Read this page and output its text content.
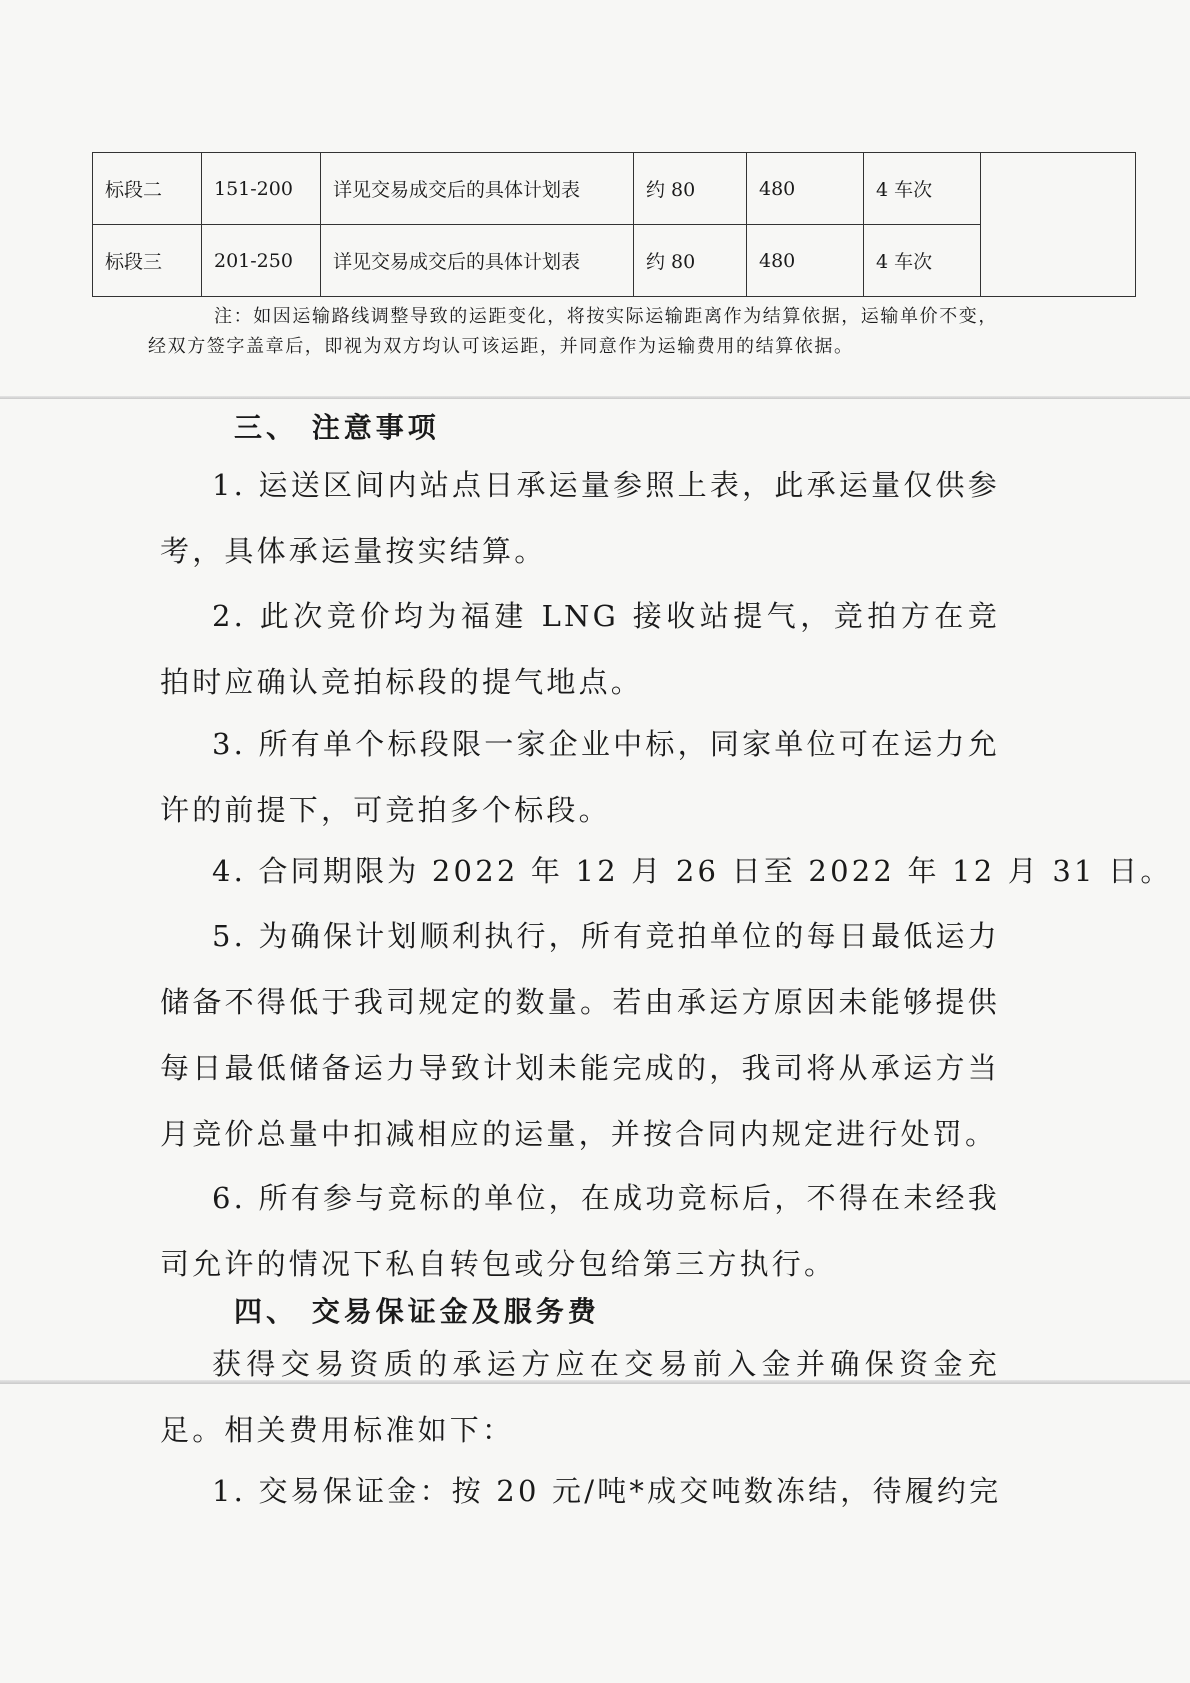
标段二	151-200	详见交易成交后的具体计划表	约 80	480	4 车次	
标段三	201-250	详见交易成交后的具体计划表	约 80	480	4 车次	
注：如因运输路线调整导致的运距变化，将按实际运输距离作为结算依据，运输单价不变，经双方签字盖章后，即视为双方均认可该运距，并同意作为运输费用的结算依据。
三、 注意事项
1. 运送区间内站点日承运量参照上表，此承运量仅供参考，具体承运量按实结算。
2. 此次竞价均为福建 LNG 接收站提气，竞拍方在竞拍时应确认竞拍标段的提气地点。
3. 所有单个标段限一家企业中标，同家单位可在运力允许的前提下，可竞拍多个标段。
4. 合同期限为 2022 年 12 月 26 日至 2022 年 12 月 31 日。
5. 为确保计划顺利执行，所有竞拍单位的每日最低运力储备不得低于我司规定的数量。若由承运方原因未能够提供每日最低储备运力导致计划未能完成的，我司将从承运方当月竞价总量中扣减相应的运量，并按合同内规定进行处罚。
6. 所有参与竞标的单位，在成功竞标后，不得在未经我司允许的情况下私自转包或分包给第三方执行。
四、 交易保证金及服务费
获得交易资质的承运方应在交易前入金并确保资金充足。相关费用标准如下：
1. 交易保证金：按 20 元/吨*成交吨数冻结，待履约完
